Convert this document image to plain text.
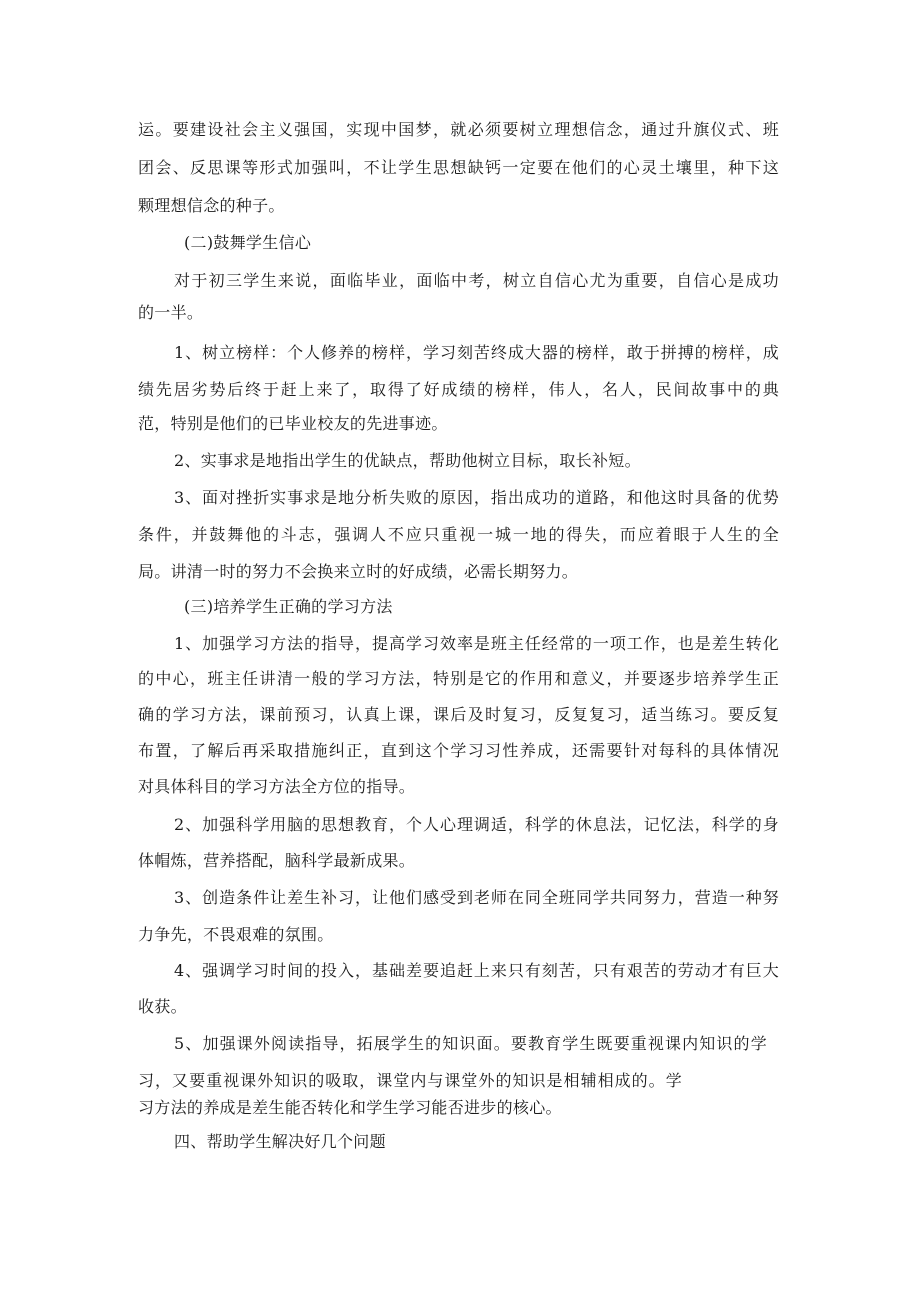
运。要建设社会主义强国，实现中国梦，就必须要树立理想信念，通过升旗仪式、班
团会、反思课等形式加强叫，不让学生思想缺钙一定要在他们的心灵土壤里，种下这
颗理想信念的种子。
(二)鼓舞学生信心
对于初三学生来说，面临毕业，面临中考，树立自信心尤为重要，自信心是成功
的一半。
1、树立榜样：个人修养的榜样，学习刻苦终成大器的榜样，敢于拼搏的榜样，成
绩先居劣势后终于赶上来了，取得了好成绩的榜样，伟人，名人，民间故事中的典
范，特别是他们的已毕业校友的先进事迹。
2、实事求是地指出学生的优缺点，帮助他树立目标，取长补短。
3、面对挫折实事求是地分析失败的原因，指出成功的道路，和他这时具备的优势
条件，并鼓舞他的斗志，强调人不应只重视一城一地的得失，而应着眼于人生的全
局。讲清一时的努力不会换来立时的好成绩，必需长期努力。
(三)培养学生正确的学习方法
1、加强学习方法的指导，提高学习效率是班主任经常的一项工作，也是差生转化
的中心，班主任讲清一般的学习方法，特别是它的作用和意义，并要逐步培养学生正
确的学习方法，课前预习，认真上课，课后及时复习，反复复习，适当练习。要反复
布置，了解后再采取措施纠正，直到这个学习习性养成，还需要针对每科的具体情况
对具体科目的学习方法全方位的指导。
2、加强科学用脑的思想教育，个人心理调适，科学的休息法，记忆法，科学的身
体帽炼，营养搭配，脑科学最新成果。
3、创造条件让差生补习，让他们感受到老师在同全班同学共同努力，营造一种努
力争先，不畏艰难的氛围。
4、强调学习时间的投入，基础差要追赶上来只有刻苦，只有艰苦的劳动才有巨大
收获。
5、加强课外阅读指导，拓展学生的知识面。要教育学生既要重视课内知识的学
习，又要重视课外知识的吸取，课堂内与课堂外的知识是相辅相成的。学
习方法的养成是差生能否转化和学生学习能否进步的核心。
四、帮助学生解决好几个问题
